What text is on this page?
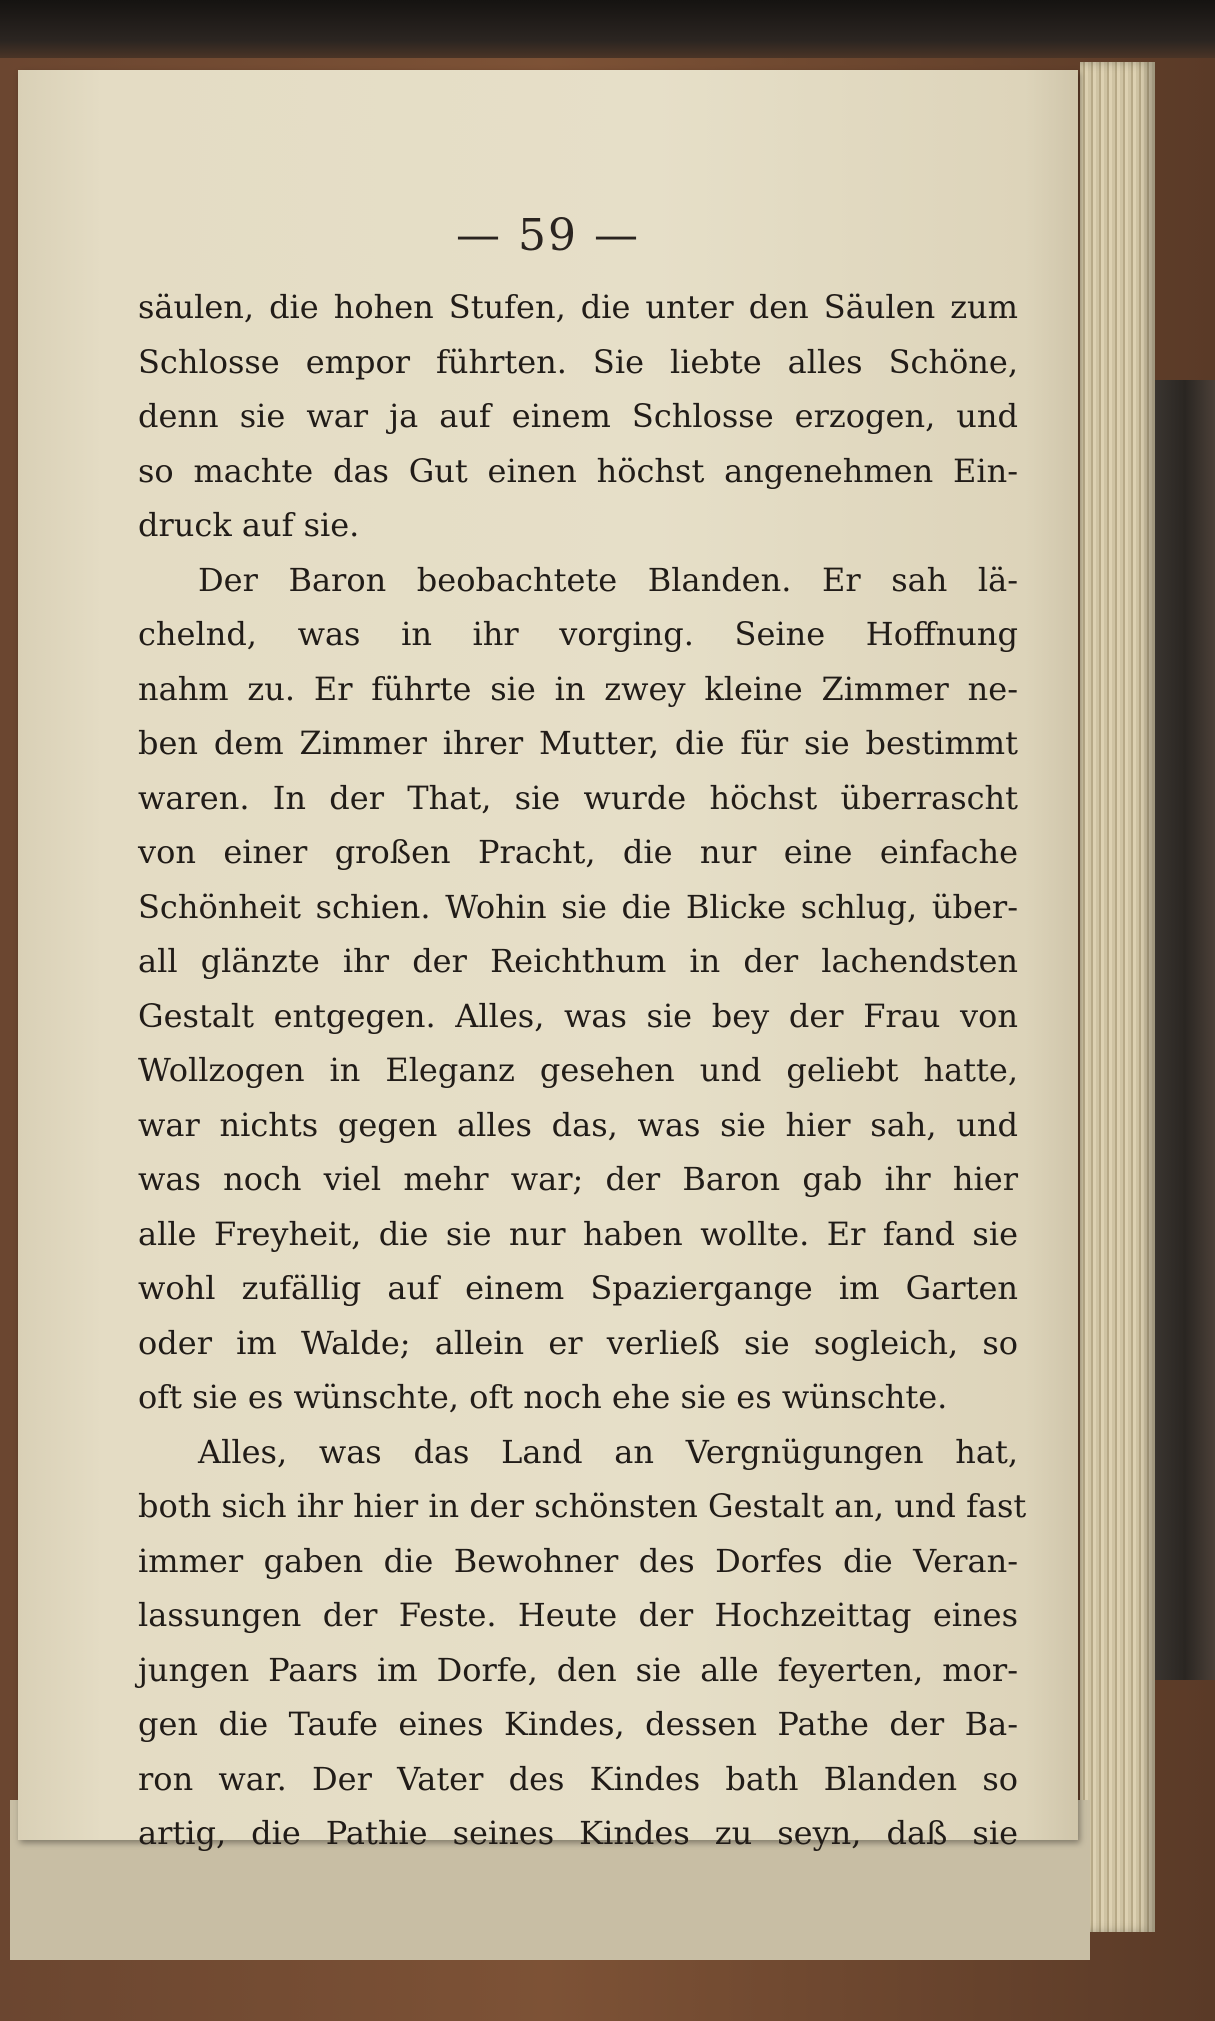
— 59 —
säulen, die hohen Stufen, die unter den Säulen zum
Schlosse empor führten. Sie liebte alles Schöne,
denn sie war ja auf einem Schlosse erzogen, und
so machte das Gut einen höchst angenehmen Ein-
druck auf sie.
Der Baron beobachtete Blanden. Er sah lä-
chelnd, was in ihr vorging. Seine Hoffnung
nahm zu. Er führte sie in zwey kleine Zimmer ne-
ben dem Zimmer ihrer Mutter, die für sie bestimmt
waren. In der That, sie wurde höchst überrascht
von einer großen Pracht, die nur eine einfache
Schönheit schien. Wohin sie die Blicke schlug, über-
all glänzte ihr der Reichthum in der lachendsten
Gestalt entgegen. Alles, was sie bey der Frau von
Wollzogen in Eleganz gesehen und geliebt hatte,
war nichts gegen alles das, was sie hier sah, und
was noch viel mehr war; der Baron gab ihr hier
alle Freyheit, die sie nur haben wollte. Er fand sie
wohl zufällig auf einem Spaziergange im Garten
oder im Walde; allein er verließ sie sogleich, so
oft sie es wünschte, oft noch ehe sie es wünschte.
Alles, was das Land an Vergnügungen hat,
both sich ihr hier in der schönsten Gestalt an, und fast
immer gaben die Bewohner des Dorfes die Veran-
lassungen der Feste. Heute der Hochzeittag eines
jungen Paars im Dorfe, den sie alle feyerten, mor-
gen die Taufe eines Kindes, dessen Pathe der Ba-
ron war. Der Vater des Kindes bath Blanden so
artig, die Pathie seines Kindes zu seyn, daß sie
